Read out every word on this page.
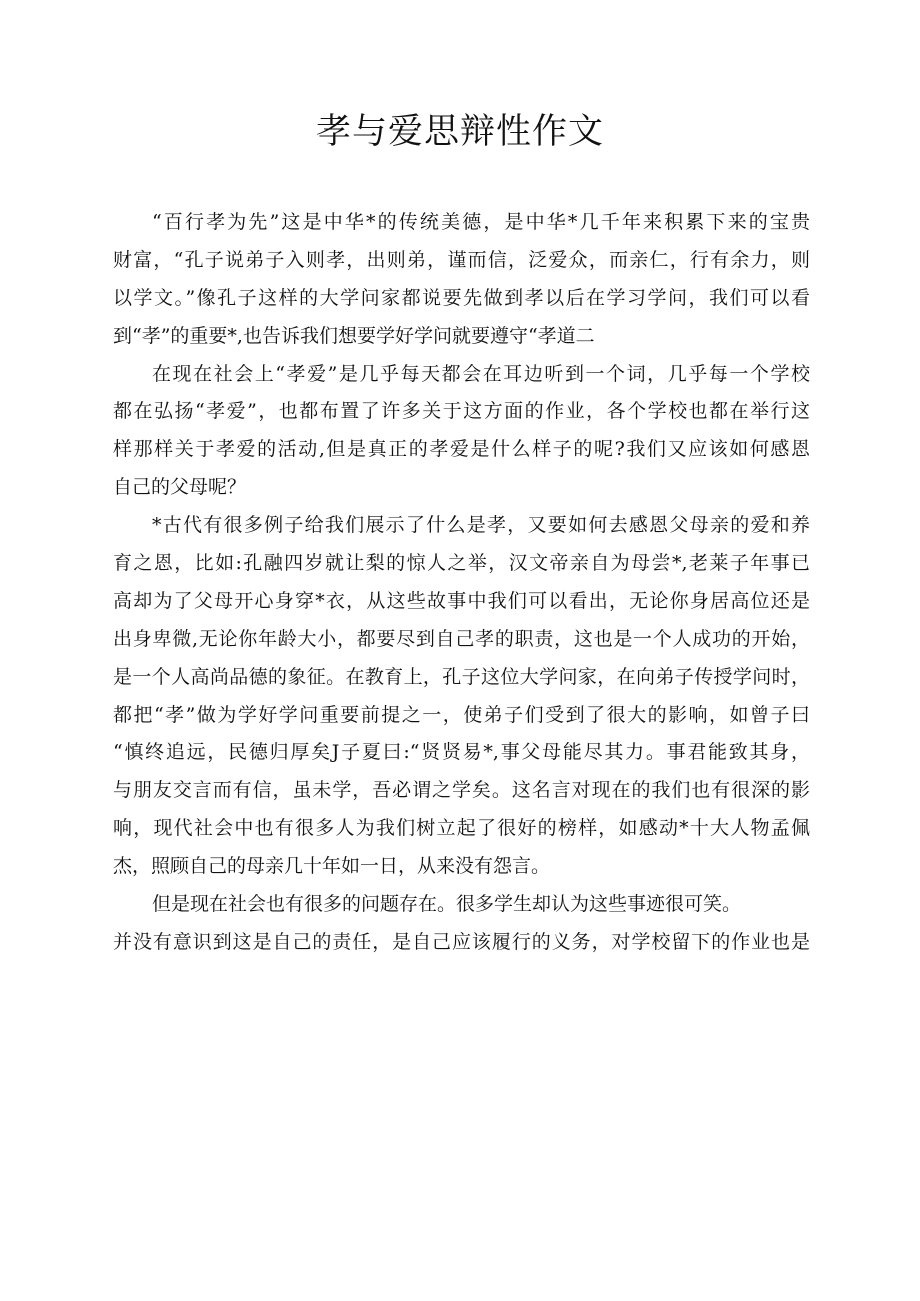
孝与爱思辩性作文
“百行孝为先”这是中华*的传统美德，是中华*几千年来积累下来的宝贵
财富，“孔子说弟子入则孝，出则弟，谨而信，泛爱众，而亲仁，行有余力，则
以学文。”像孔子这样的大学问家都说要先做到孝以后在学习学问，我们可以看
到“孝”的重要*,也告诉我们想要学好学问就要遵守“孝道二
在现在社会上“孝爱”是几乎每天都会在耳边听到一个词，几乎每一个学校
都在弘扬“孝爱”，也都布置了许多关于这方面的作业，各个学校也都在举行这
样那样关于孝爱的活动,但是真正的孝爱是什么样子的呢?我们又应该如何感恩
自己的父母呢？
*古代有很多例子给我们展示了什么是孝，又要如何去感恩父母亲的爱和养
育之恩，比如:孔融四岁就让梨的惊人之举，汉文帝亲自为母尝*,老莱子年事已
高却为了父母开心身穿*衣，从这些故事中我们可以看出，无论你身居高位还是
出身卑微,无论你年龄大小，都要尽到自己孝的职责，这也是一个人成功的开始，
是一个人高尚品德的象征。在教育上，孔子这位大学问家，在向弟子传授学问时，
都把“孝”做为学好学问重要前提之一，使弟子们受到了很大的影响，如曾子曰
“慎终追远，民德归厚矣J子夏曰:“贤贤易*,事父母能尽其力。事君能致其身，
与朋友交言而有信，虽未学，吾必谓之学矣。这名言对现在的我们也有很深的影
响，现代社会中也有很多人为我们树立起了很好的榜样，如感动*十大人物孟佩
杰，照顾自己的母亲几十年如一日，从来没有怨言。
但是现在社会也有很多的问题存在。很多学生却认为这些事迹很可笑。
并没有意识到这是自己的责任，是自己应该履行的义务，对学校留下的作业也是
